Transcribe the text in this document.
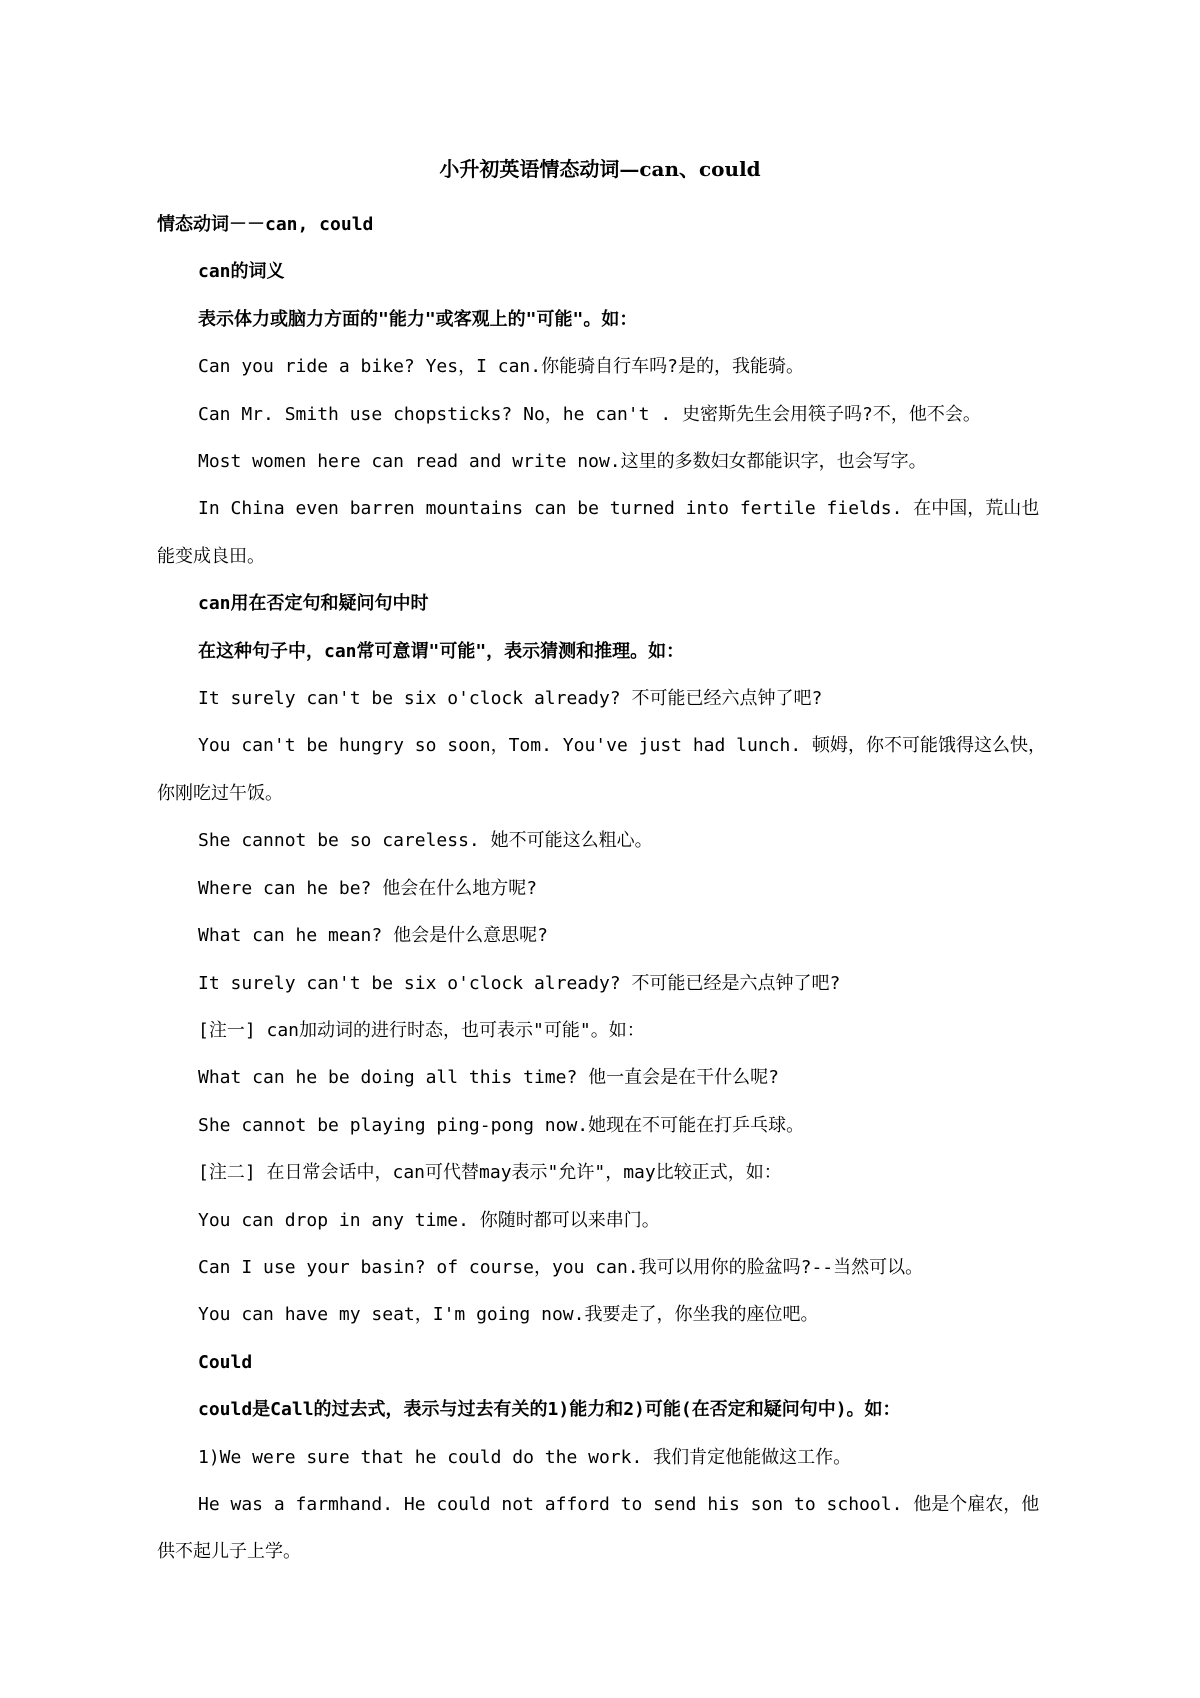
小升初英语情态动词—can、could

情态动词－－can, could

can的词义

表示体力或脑力方面的"能力"或客观上的"可能"。如：

Can you ride a bike? Yes，I can.你能骑自行车吗?是的，我能骑。

Can Mr. Smith use chopsticks? No，he can't . 史密斯先生会用筷子吗?不，他不会。

Most women here can read and write now.这里的多数妇女都能识字，也会写字。

In China even barren mountains can be turned into fertile fields. 在中国，荒山也能变成良田。

can用在否定句和疑问句中时

在这种句子中，can常可意谓"可能"，表示猜测和推理。如：

It surely can't be six o'clock already? 不可能已经六点钟了吧?

You can't be hungry so soon，Tom. You've just had lunch. 顿姆，你不可能饿得这么快，你刚吃过午饭。

She cannot be so careless. 她不可能这么粗心。

Where can he be? 他会在什么地方呢?

What can he mean? 他会是什么意思呢?

It surely can't be six o'clock already? 不可能已经是六点钟了吧?

[注一] can加动词的进行时态，也可表示"可能"。如：

What can he be doing all this time? 他一直会是在干什么呢?

She cannot be playing ping-pong now.她现在不可能在打乒乓球。

[注二] 在日常会话中，can可代替may表示"允许"，may比较正式，如：

You can drop in any time. 你随时都可以来串门。

Can I use your basin? of course，you can.我可以用你的脸盆吗?--当然可以。

You can have my seat，I'm going now.我要走了，你坐我的座位吧。

Could

could是Call的过去式，表示与过去有关的1)能力和2)可能(在否定和疑问句中)。如：

1)We were sure that he could do the work. 我们肯定他能做这工作。

He was a farmhand. He could not afford to send his son to school. 他是个雇农，他供不起儿子上学。
